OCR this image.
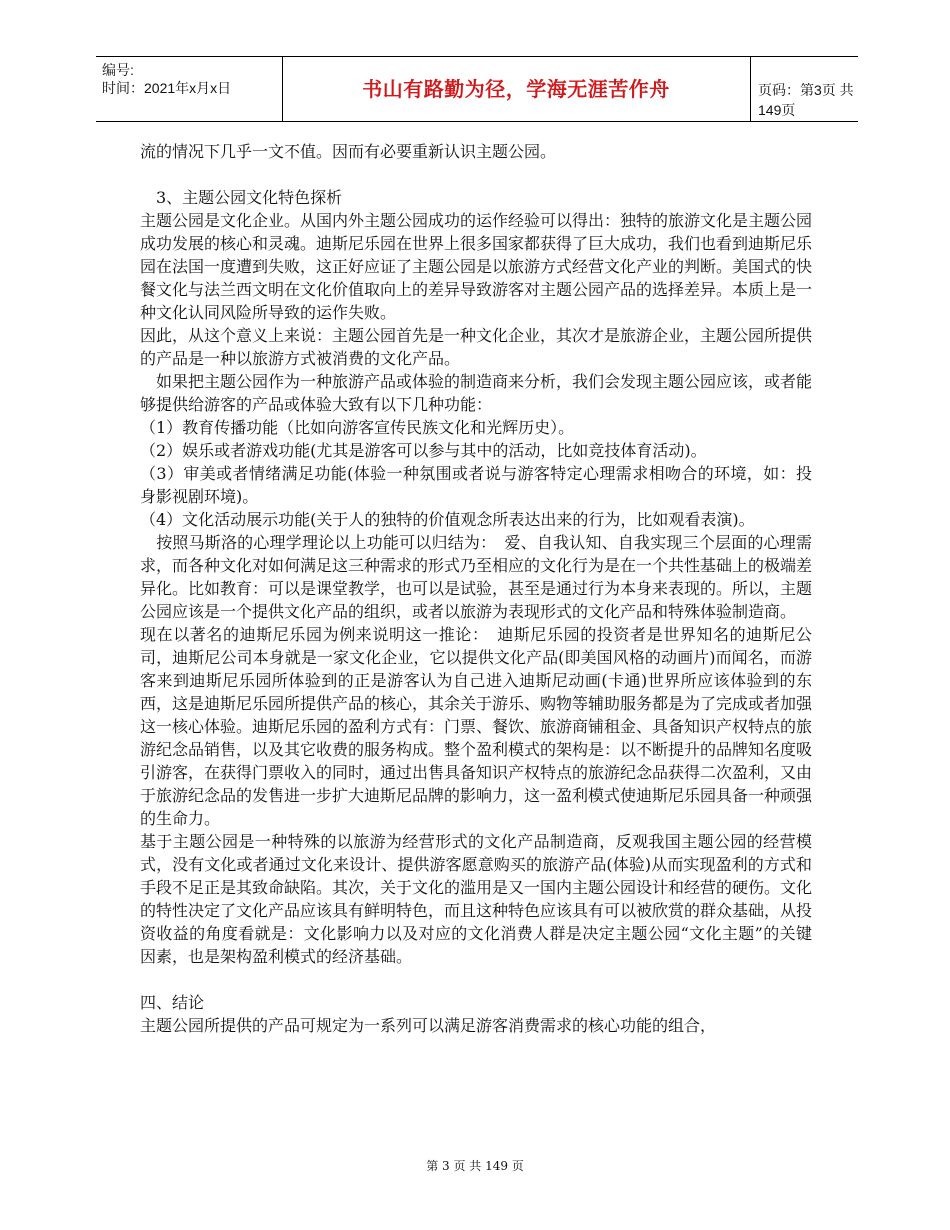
编号:
时间：2021年x月x日	书山有路勤为径，学海无涯苦作舟	页码：第3页 共149页

流的情况下几乎一文不值。因而有必要重新认识主题公园。

　3、主题公园文化特色探析

主题公园是文化企业。从国内外主题公园成功的运作经验可以得出：独特的旅游文化是主题公园成功发展的核心和灵魂。迪斯尼乐园在世界上很多国家都获得了巨大成功，我们也看到迪斯尼乐园在法国一度遭到失败，这正好应证了主题公园是以旅游方式经营文化产业的判断。美国式的快餐文化与法兰西文明在文化价值取向上的差异导致游客对主题公园产品的选择差异。本质上是一种文化认同风险所导致的运作失败。

因此，从这个意义上来说：主题公园首先是一种文化企业，其次才是旅游企业，主题公园所提供的产品是一种以旅游方式被消费的文化产品。

　如果把主题公园作为一种旅游产品或体验的制造商来分析，我们会发现主题公园应该，或者能够提供给游客的产品或体验大致有以下几种功能：

（1）教育传播功能（比如向游客宣传民族文化和光辉历史）。

（2）娱乐或者游戏功能(尤其是游客可以参与其中的活动，比如竞技体育活动)。

（3）审美或者情绪满足功能(体验一种氛围或者说与游客特定心理需求相吻合的环境，如：投身影视剧环境)。

（4）文化活动展示功能(关于人的独特的价值观念所表达出来的行为，比如观看表演)。

　按照马斯洛的心理学理论以上功能可以归结为：　爱、自我认知、自我实现三个层面的心理需求，而各种文化对如何满足这三种需求的形式乃至相应的文化行为是在一个共性基础上的极端差异化。比如教育：可以是课堂教学，也可以是试验，甚至是通过行为本身来表现的。所以，主题公园应该是一个提供文化产品的组织，或者以旅游为表现形式的文化产品和特殊体验制造商。

现在以著名的迪斯尼乐园为例来说明这一推论：　迪斯尼乐园的投资者是世界知名的迪斯尼公司，迪斯尼公司本身就是一家文化企业，它以提供文化产品(即美国风格的动画片)而闻名，而游客来到迪斯尼乐园所体验到的正是游客认为自己进入迪斯尼动画(卡通)世界所应该体验到的东西，这是迪斯尼乐园所提供产品的核心，其余关于游乐、购物等辅助服务都是为了完成或者加强这一核心体验。迪斯尼乐园的盈利方式有：门票、餐饮、旅游商铺租金、具备知识产权特点的旅游纪念品销售，以及其它收费的服务构成。整个盈利模式的架构是：以不断提升的品牌知名度吸引游客，在获得门票收入的同时，通过出售具备知识产权特点的旅游纪念品获得二次盈利，又由于旅游纪念品的发售进一步扩大迪斯尼品牌的影响力，这一盈利模式使迪斯尼乐园具备一种顽强的生命力。

基于主题公园是一种特殊的以旅游为经营形式的文化产品制造商，反观我国主题公园的经营模式，没有文化或者通过文化来设计、提供游客愿意购买的旅游产品(体验)从而实现盈利的方式和手段不足正是其致命缺陷。其次，关于文化的滥用是又一国内主题公园设计和经营的硬伤。文化的特性决定了文化产品应该具有鲜明特色，而且这种特色应该具有可以被欣赏的群众基础，从投资收益的角度看就是：文化影响力以及对应的文化消费人群是决定主题公园“文化主题”的关键因素，也是架构盈利模式的经济基础。

四、结论

主题公园所提供的产品可规定为一系列可以满足游客消费需求的核心功能的组合，

第 3 页 共 149 页
